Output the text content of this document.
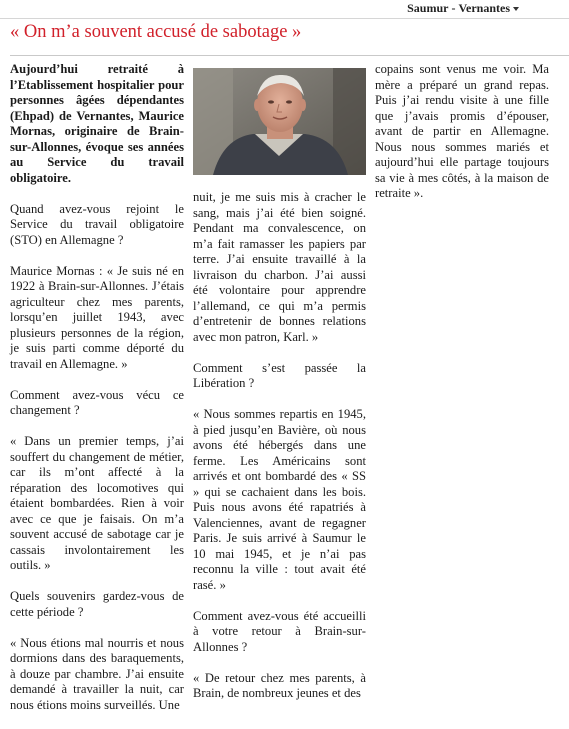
Saumur - Vernantes
« On m’a souvent accusé de sabotage »

Aujourd’hui retraité à l’Etablissement hospitalier pour personnes âgées dépendantes (Ehpad) de Vernantes, Maurice Mornas, originaire de Brain-sur-Allonnes, évoque ses années au Service du travail obligatoire.

Quand avez-vous rejoint le Service du travail obligatoire (STO) en Allemagne ?

Maurice Mornas : « Je suis né en 1922 à Brain-sur-Allonnes. J’étais agriculteur chez mes parents, lorsqu’en juillet 1943, avec plusieurs personnes de la région, je suis parti comme déporté du travail en Allemagne. »

Comment avez-vous vécu ce changement ?

« Dans un premier temps, j’ai souffert du changement de métier, car ils m’ont affecté à la réparation des locomotives qui étaient bombardées. Rien à voir avec ce que je faisais. On m’a souvent accusé de sabotage car je cassais involontairement les outils. »

Quels souvenirs gardez-vous de cette période ?

« Nous étions mal nourris et nous dormions dans des baraquements, à douze par chambre. J’ai ensuite demandé à travailler la nuit, car nous étions moins surveillés. Une

nuit, je me suis mis à cracher le sang, mais j’ai été bien soigné. Pendant ma convalescence, on m’a fait ramasser les papiers par terre. J’ai ensuite travaillé à la livraison du charbon. J’ai aussi été volontaire pour apprendre l’allemand, ce qui m’a permis d’entretenir de bonnes relations avec mon patron, Karl. »

Comment s’est passée la Libération ?

« Nous sommes repartis en 1945, à pied jusqu’en Bavière, où nous avons été hébergés dans une ferme. Les Américains sont arrivés et ont bombardé des « SS » qui se cachaient dans les bois. Puis nous avons été rapatriés à Valenciennes, avant de regagner Paris. Je suis arrivé à Saumur le 10 mai 1945, et je n’ai pas reconnu la ville : tout avait été rasé. »

Comment avez-vous été accueilli à votre retour à Brain-sur-Allonnes ?

« De retour chez mes parents, à Brain, de nombreux jeunes et des

copains sont venus me voir. Ma mère a préparé un grand repas. Puis j’ai rendu visite à une fille que j’avais promis d’épouser, avant de partir en Allemagne. Nous nous sommes mariés et aujourd’hui elle partage toujours sa vie à mes côtés, à la maison de retraite ».
